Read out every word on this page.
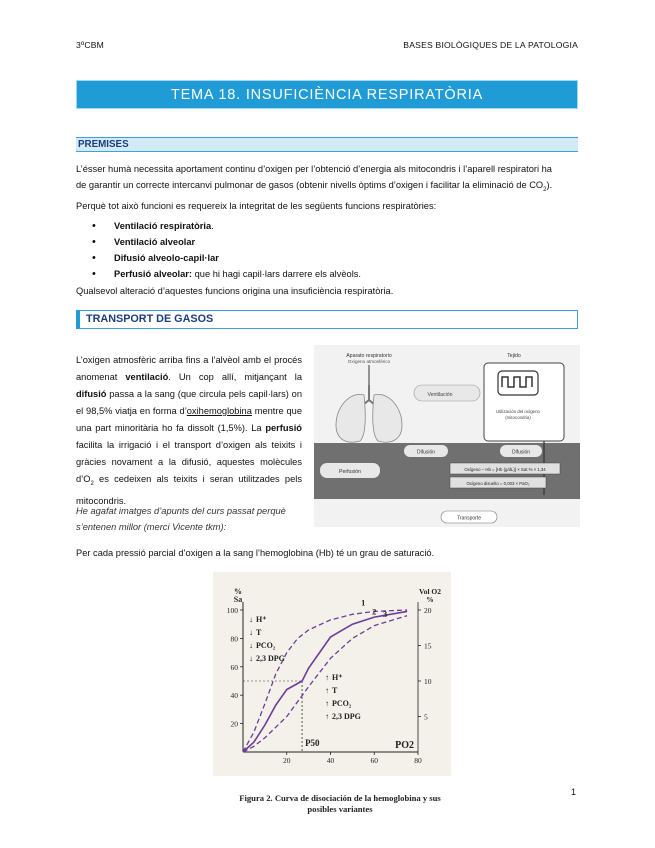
3ºCBM	BASES BIOLÒGIQUES DE LA PATOLOGIA
TEMA 18. INSUFICIÈNCIA RESPIRATÒRIA
PREMISES
L’ésser humà necessita aportament continu d’oxigen per l’obtenció d’energia als mitocondris i l’aparell respiratori ha
de garantir un correcte intercanvi pulmonar de gasos (obtenir nivells òptims d’oxigen i facilitar la eliminació de $CO_2$).
Perquè tot això funcioni es requereix la integritat de les següents funcions respiratòries:
• Ventilació respiratòria.
• Ventilació alveolar
• Difusió alveolo-capil·lar
• Perfusió alveolar: que hi hagi capil·lars darrere els alvèols.
Qualsevol alteració d’aquestes funcions origina una insuficiència respiratòria.
TRANSPORT DE GASOS
L’oxigen atmosfèric arriba fins a l’alvèol amb el procés anomenat ventilació. Un cop allí, mitjançant la difusió passa a la sang (que circula pels capil·lars) on el 98,5% viatja en forma d’oxihemoglobina mentre que una part minoritària ho fa dissolt (1,5%). La perfusió facilita la irrigació i el transport d’oxigen als teixits i gràcies novament a la difusió, aquestes molècules $d’O_2$ es cedeixen als teixits i seran utilitzades pels mitocondris.
He agafat imatges d’apunts del curs passat perquè s’entenen millor (merci Vicente tkm):
Aparato respiratorio
Oxígeno atmosférico
Ventilación
Tejido
Utilización del oxígeno
(mitocondria)
Difusión	Difusión
Perfusión	Oxígeno – Hb = [Hb (g/dL)] × Sat % × 1,34
Oxígeno disuelto = 0,003 × PaO₂
Transporte
Per cada pressió parcial d’oxigen a la sang l’hemoglobina (Hb) té un grau de saturació.
20
40
60
80
100
20	40	60	80
5
10
15
20
%
Sa
Vol O2
%
PO2
P50
1
2 3
↓ H⁺
↓ T
↓ PCO₂
↓ 2,3 DPG
↑ H⁺
↑ T
↑ PCO₂
↑ 2,3 DPG
Figura 2. Curva de disociación de la hemoglobina y sus
posibles variantes
1
